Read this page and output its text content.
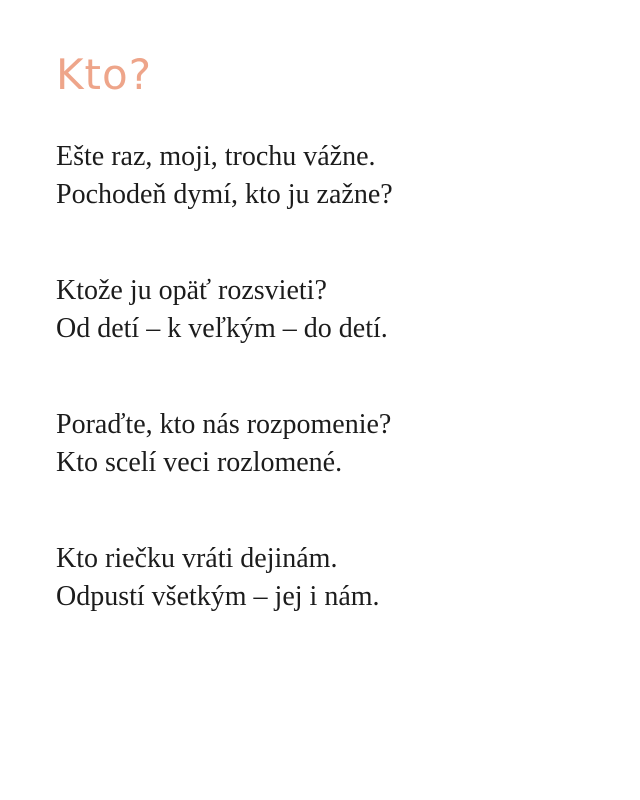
Kto?
Ešte raz, moji, trochu vážne.
Pochodeň dymí, kto ju zažne?
Ktože ju opäť rozsvieti?
Od detí – k veľkým – do detí.
Poraďte, kto nás rozpomenie?
Kto scelí veci rozlomené.
Kto riečku vráti dejinám.
Odpustí všetkým – jej i nám.
